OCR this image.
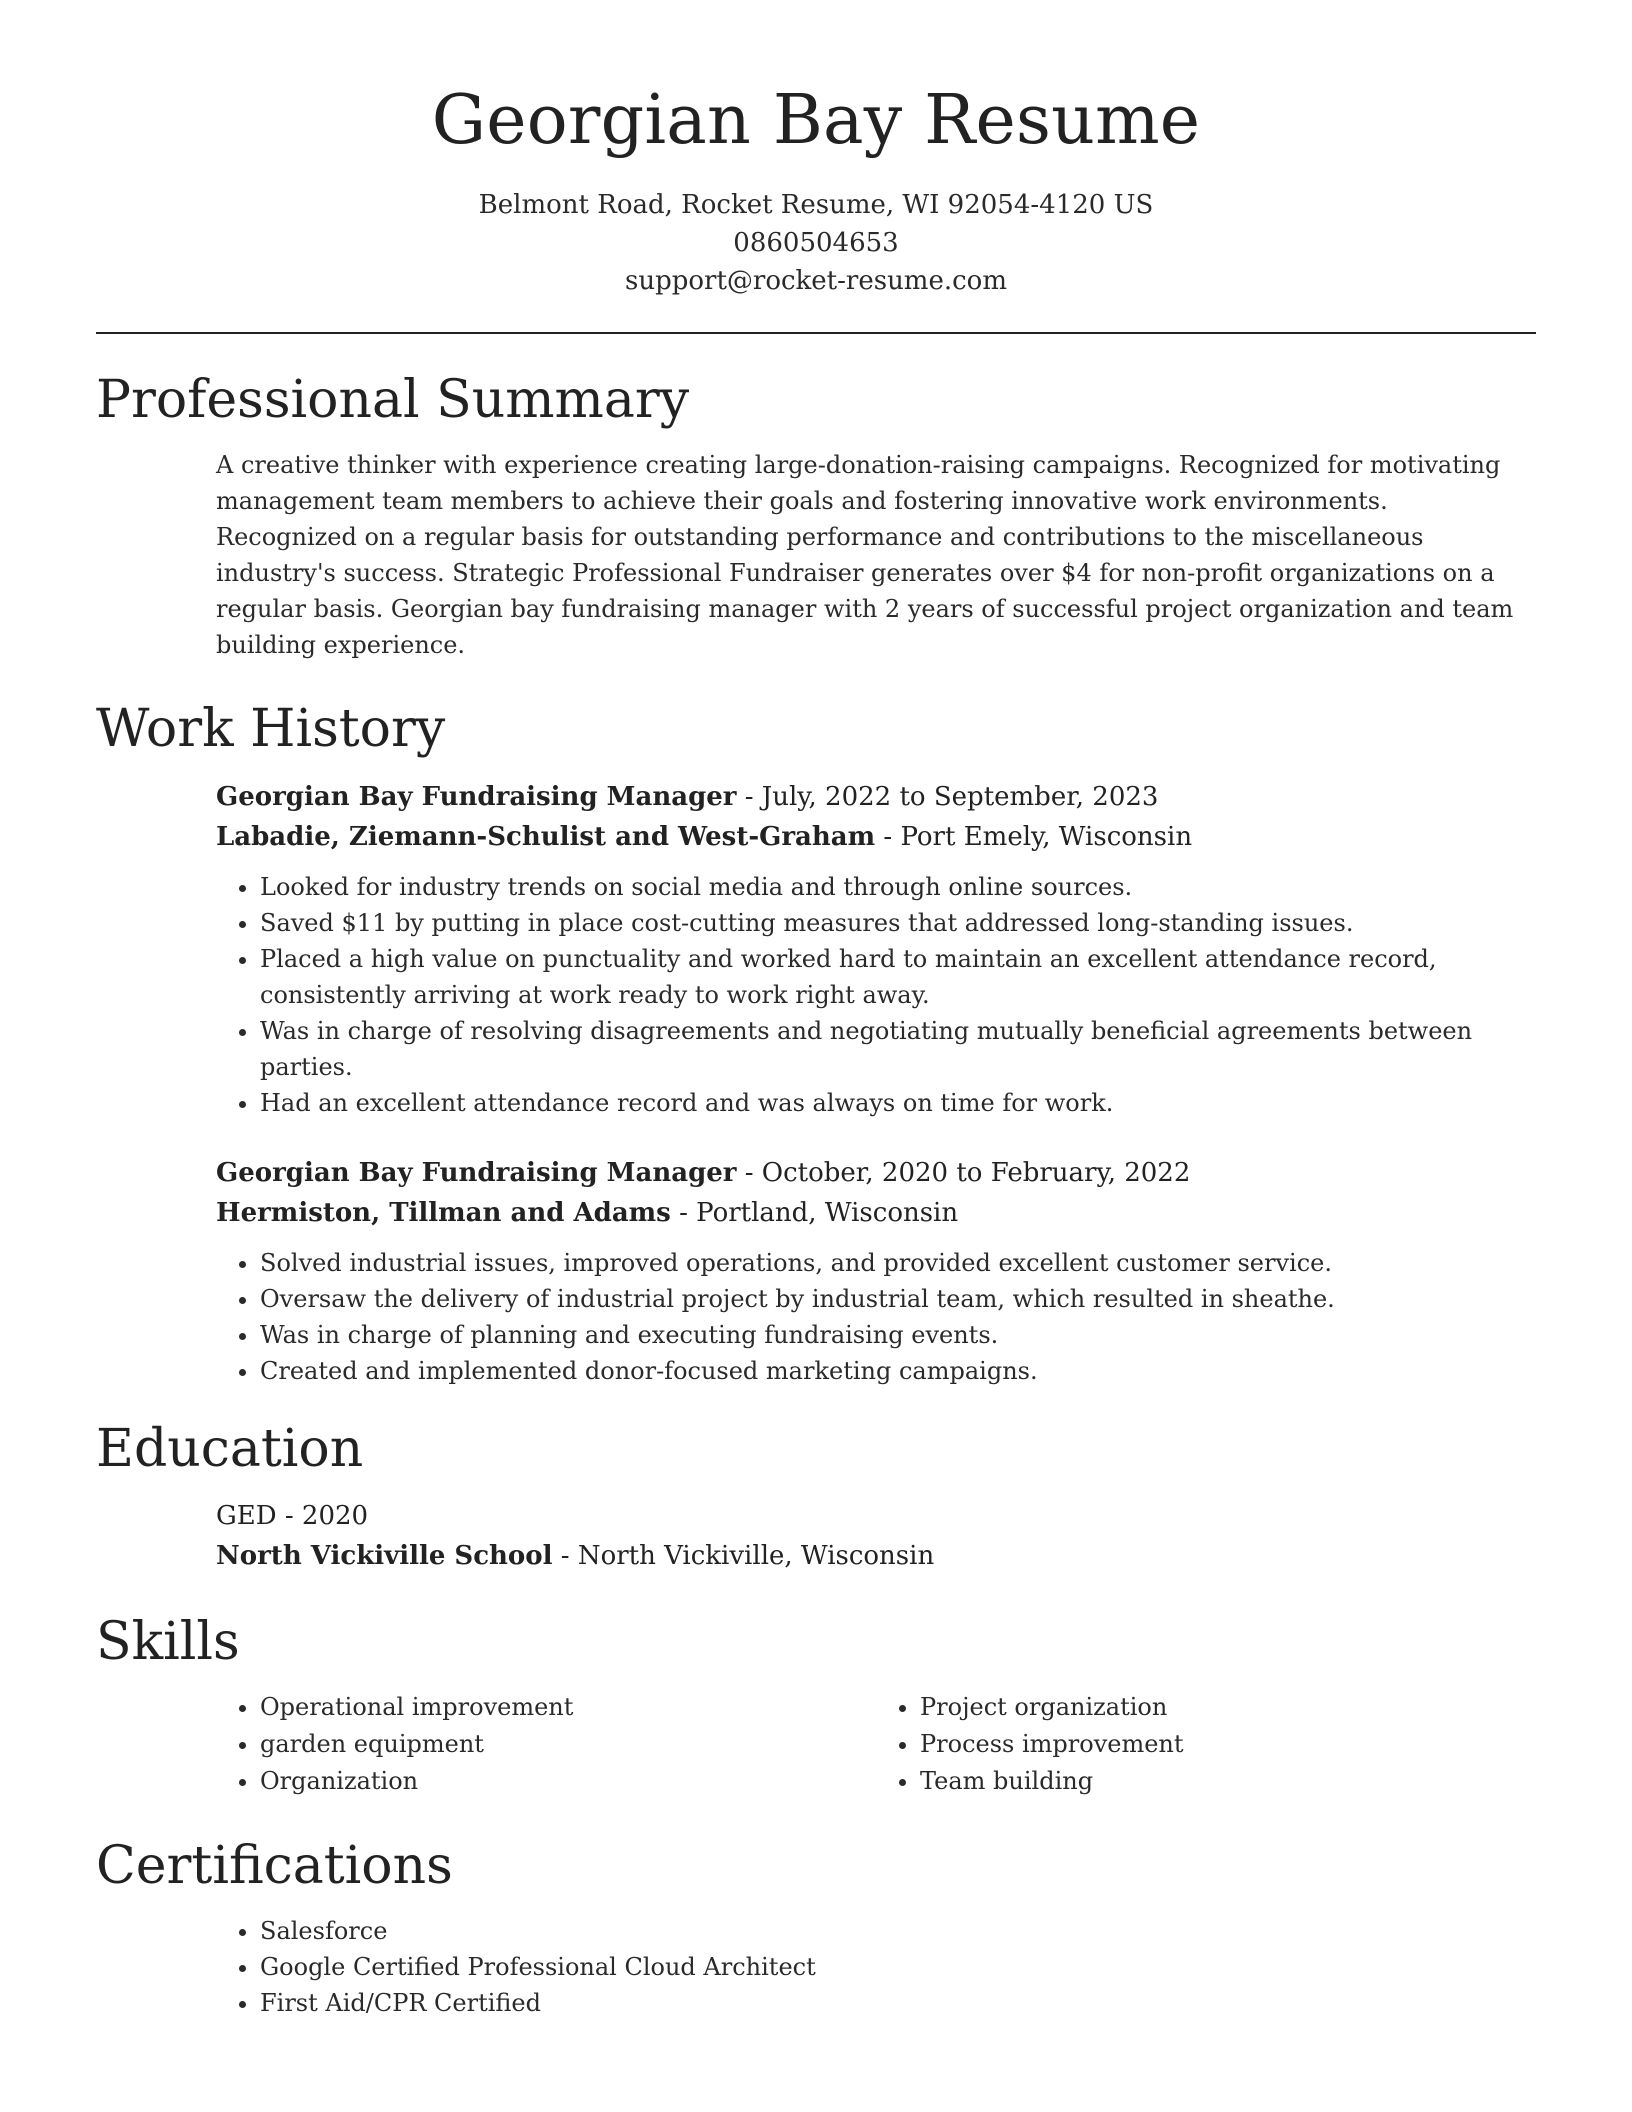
Georgian Bay Resume
Belmont Road, Rocket Resume, WI 92054-4120 US
0860504653
support@rocket-resume.com
Professional Summary

A creative thinker with experience creating large-donation-raising campaigns. Recognized for motivating management team members to achieve their goals and fostering innovative work environments. Recognized on a regular basis for outstanding performance and contributions to the miscellaneous industry's success. Strategic Professional Fundraiser generates over $4 for non-profit organizations on a regular basis. Georgian bay fundraising manager with 2 years of successful project organization and team building experience.

Work History
Georgian Bay Fundraising Manager - July, 2022 to September, 2023
Labadie, Ziemann-Schulist and West-Graham - Port Emely, Wisconsin
• Looked for industry trends on social media and through online sources.
• Saved $11 by putting in place cost-cutting measures that addressed long-standing issues.
• Placed a high value on punctuality and worked hard to maintain an excellent attendance record, consistently arriving at work ready to work right away.
• Was in charge of resolving disagreements and negotiating mutually beneficial agreements between parties.
• Had an excellent attendance record and was always on time for work.
Georgian Bay Fundraising Manager - October, 2020 to February, 2022
Hermiston, Tillman and Adams - Portland, Wisconsin
• Solved industrial issues, improved operations, and provided excellent customer service.
• Oversaw the delivery of industrial project by industrial team, which resulted in sheathe.
• Was in charge of planning and executing fundraising events.
• Created and implemented donor-focused marketing campaigns.
Education
GED - 2020
North Vickiville School - North Vickiville, Wisconsin
Skills
• Operational improvement
• garden equipment
• Organization
• Project organization
• Process improvement
• Team building
Certifications
• Salesforce
• Google Certified Professional Cloud Architect
• First Aid/CPR Certified
